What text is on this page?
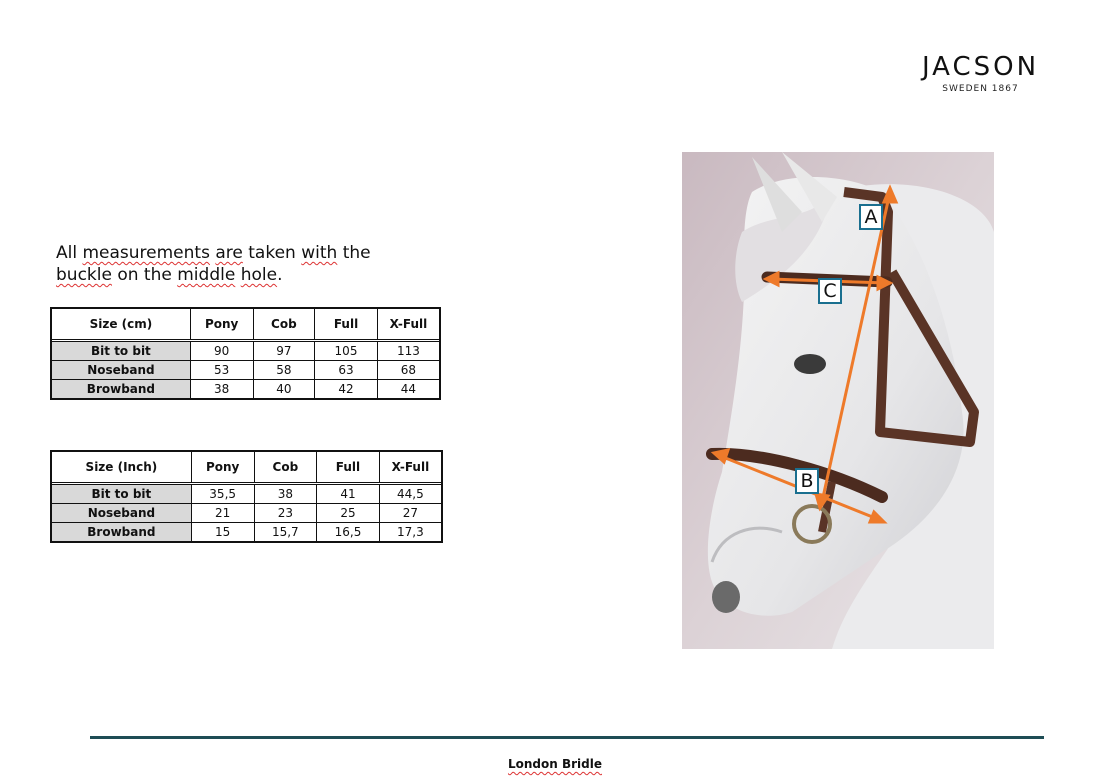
JACSON
SWEDEN 1867
All measurements are taken with the
buckle on the middle hole.
Size (cm)	Pony	Cob	Full	X-Full

Bit to bit	90	97	105	113
Noseband	53	58	63	68
Browband	38	40	42	44
Size (Inch)	Pony	Cob	Full	X-Full

Bit to bit	35,5	38	41	44,5
Noseband	21	23	25	27
Browband	15	15,7	16,5	17,3
A
C
B
London Bridle
